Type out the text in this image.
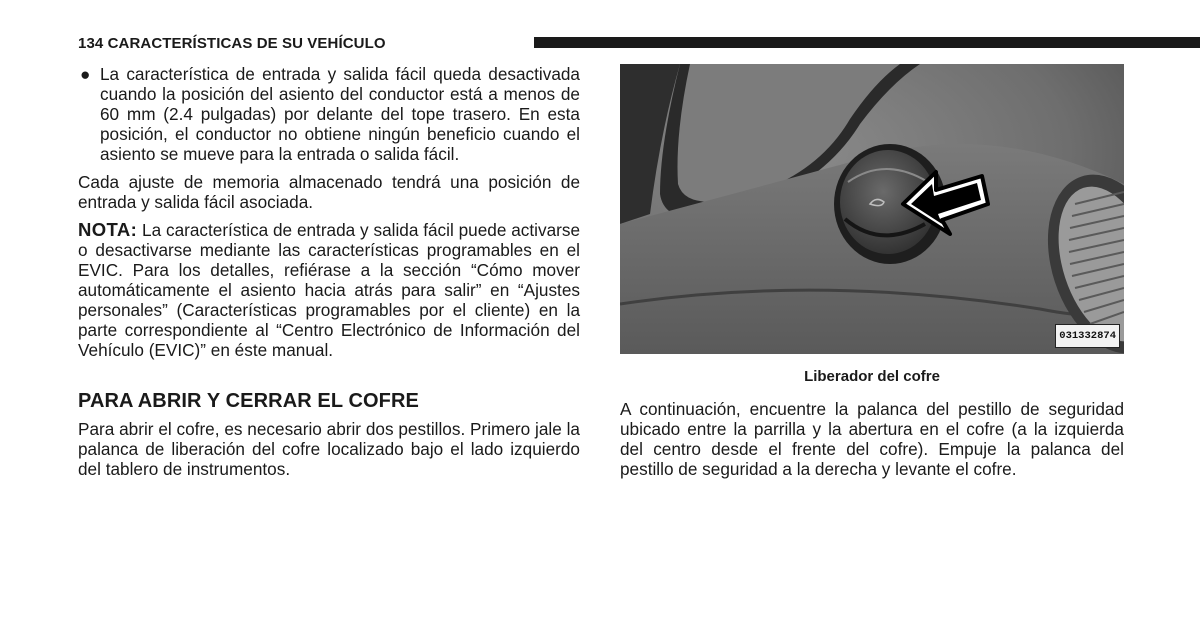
134 CARACTERÍSTICAS DE SU VEHÍCULO
● La característica de entrada y salida fácil queda desactivada cuando la posición del asiento del conductor está a menos de 60 mm (2.4 pulgadas) por delante del tope trasero. En esta posición, el conductor no obtiene ningún beneficio cuando el asiento se mueve para la entrada o salida fácil.

Cada ajuste de memoria almacenado tendrá una posición de entrada y salida fácil asociada.

NOTA: La característica de entrada y salida fácil puede activarse o desactivarse mediante las características programables en el EVIC. Para los detalles, refiérase a la sección “Cómo mover automáticamente el asiento hacia atrás para salir” en “Ajustes personales” (Características programables por el cliente) en la parte correspondiente al “Centro Electrónico de Información del Vehículo (EVIC)” en éste manual.

PARA ABRIR Y CERRAR EL COFRE

Para abrir el cofre, es necesario abrir dos pestillos. Primero jale la palanca de liberación del cofre localizado bajo el lado izquierdo del tablero de instrumentos.

031332874
Liberador del cofre

A continuación, encuentre la palanca del pestillo de seguridad ubicado entre la parrilla y la abertura en el cofre (a la izquierda del centro desde el frente del cofre). Empuje la palanca del pestillo de seguridad a la derecha y levante el cofre.
